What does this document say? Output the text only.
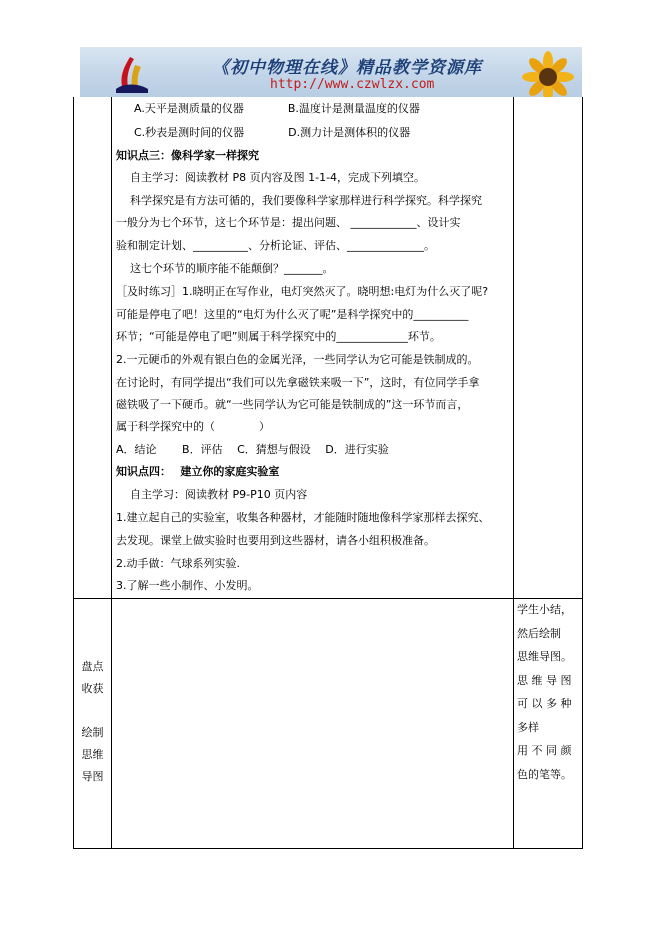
《初中物理在线》精品教学资源库
http://www.czwlzx.com
A.天平是测质量的仪器　　　　B.温度计是测量温度的仪器
C.秒表是测时间的仪器　　　　D.测力计是测体积的仪器
知识点三：像科学家一样探究
自主学习：阅读教材 P8 页内容及图 1-1-4，完成下列填空。
科学探究是有方法可循的，我们要像科学家那样进行科学探究。科学探究
一般分为七个环节，这七个环节是：提出问题、 ____________、设计实
验和制定计划、__________、分析论证、评估、______________。
这七个环节的顺序能不能颠倒？_______。
［及时练习］1.晓明正在写作业，电灯突然灭了。晓明想:电灯为什么灭了呢?
可能是停电了吧！这里的“电灯为什么灭了呢”是科学探究中的__________
环节；“可能是停电了吧”则属于科学探究中的_____________环节。
2.一元硬币的外观有银白色的金属光泽，一些同学认为它可能是铁制成的。
在讨论时，有同学提出“我们可以先拿磁铁来吸一下”，这时，有位同学手拿
磁铁吸了一下硬币。就“一些同学认为它可能是铁制成的”这一环节而言，
属于科学探究中的（　　　　）
A．结论　　 B．评估　 C．猜想与假设　 D．进行实验
知识点四：　 建立你的家庭实验室
自主学习：阅读教材 P9-P10 页内容
1.建立起自己的实验室，收集各种器材，才能随时随地像科学家那样去探究、
去发现。课堂上做实验时也要用到这些器材，请各小组积极准备。
2.动手做：气球系列实验.
3.了解一些小制作、小发明。
盘点
收获
绘制
思维
导图
学生小结，
然后绘制
思维导图。
思 维 导 图
可 以 多 种
多样
用 不 同 颜
色的笔等。
